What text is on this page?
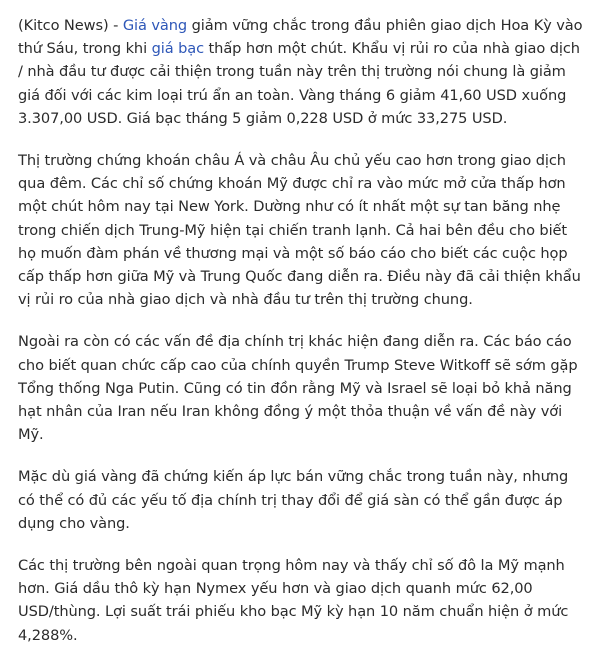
(Kitco News) - Giá vàng giảm vững chắc trong đầu phiên giao dịch Hoa Kỳ vào thứ Sáu, trong khi giá bạc thấp hơn một chút. Khẩu vị rủi ro của nhà giao dịch / nhà đầu tư được cải thiện trong tuần này trên thị trường nói chung là giảm giá đối với các kim loại trú ẩn an toàn. Vàng tháng 6 giảm 41,60 USD xuống 3.307,00 USD. Giá bạc tháng 5 giảm 0,228 USD ở mức 33,275 USD.

Thị trường chứng khoán châu Á và châu Âu chủ yếu cao hơn trong giao dịch qua đêm. Các chỉ số chứng khoán Mỹ được chỉ ra vào mức mở cửa thấp hơn một chút hôm nay tại New York. Dường như có ít nhất một sự tan băng nhẹ trong chiến dịch Trung-Mỹ hiện tại chiến tranh lạnh. Cả hai bên đều cho biết họ muốn đàm phán về thương mại và một số báo cáo cho biết các cuộc họp cấp thấp hơn giữa Mỹ và Trung Quốc đang diễn ra. Điều này đã cải thiện khẩu vị rủi ro của nhà giao dịch và nhà đầu tư trên thị trường chung.

Ngoài ra còn có các vấn đề địa chính trị khác hiện đang diễn ra. Các báo cáo cho biết quan chức cấp cao của chính quyền Trump Steve Witkoff sẽ sớm gặp Tổng thống Nga Putin. Cũng có tin đồn rằng Mỹ và Israel sẽ loại bỏ khả năng hạt nhân của Iran nếu Iran không đồng ý một thỏa thuận về vấn đề này với Mỹ.

Mặc dù giá vàng đã chứng kiến áp lực bán vững chắc trong tuần này, nhưng có thể có đủ các yếu tố địa chính trị thay đổi để giá sàn có thể gần được áp dụng cho vàng.

Các thị trường bên ngoài quan trọng hôm nay và thấy chỉ số đô la Mỹ mạnh hơn. Giá dầu thô kỳ hạn Nymex yếu hơn và giao dịch quanh mức 62,00 USD/thùng. Lợi suất trái phiếu kho bạc Mỹ kỳ hạn 10 năm chuẩn hiện ở mức 4,288%.
